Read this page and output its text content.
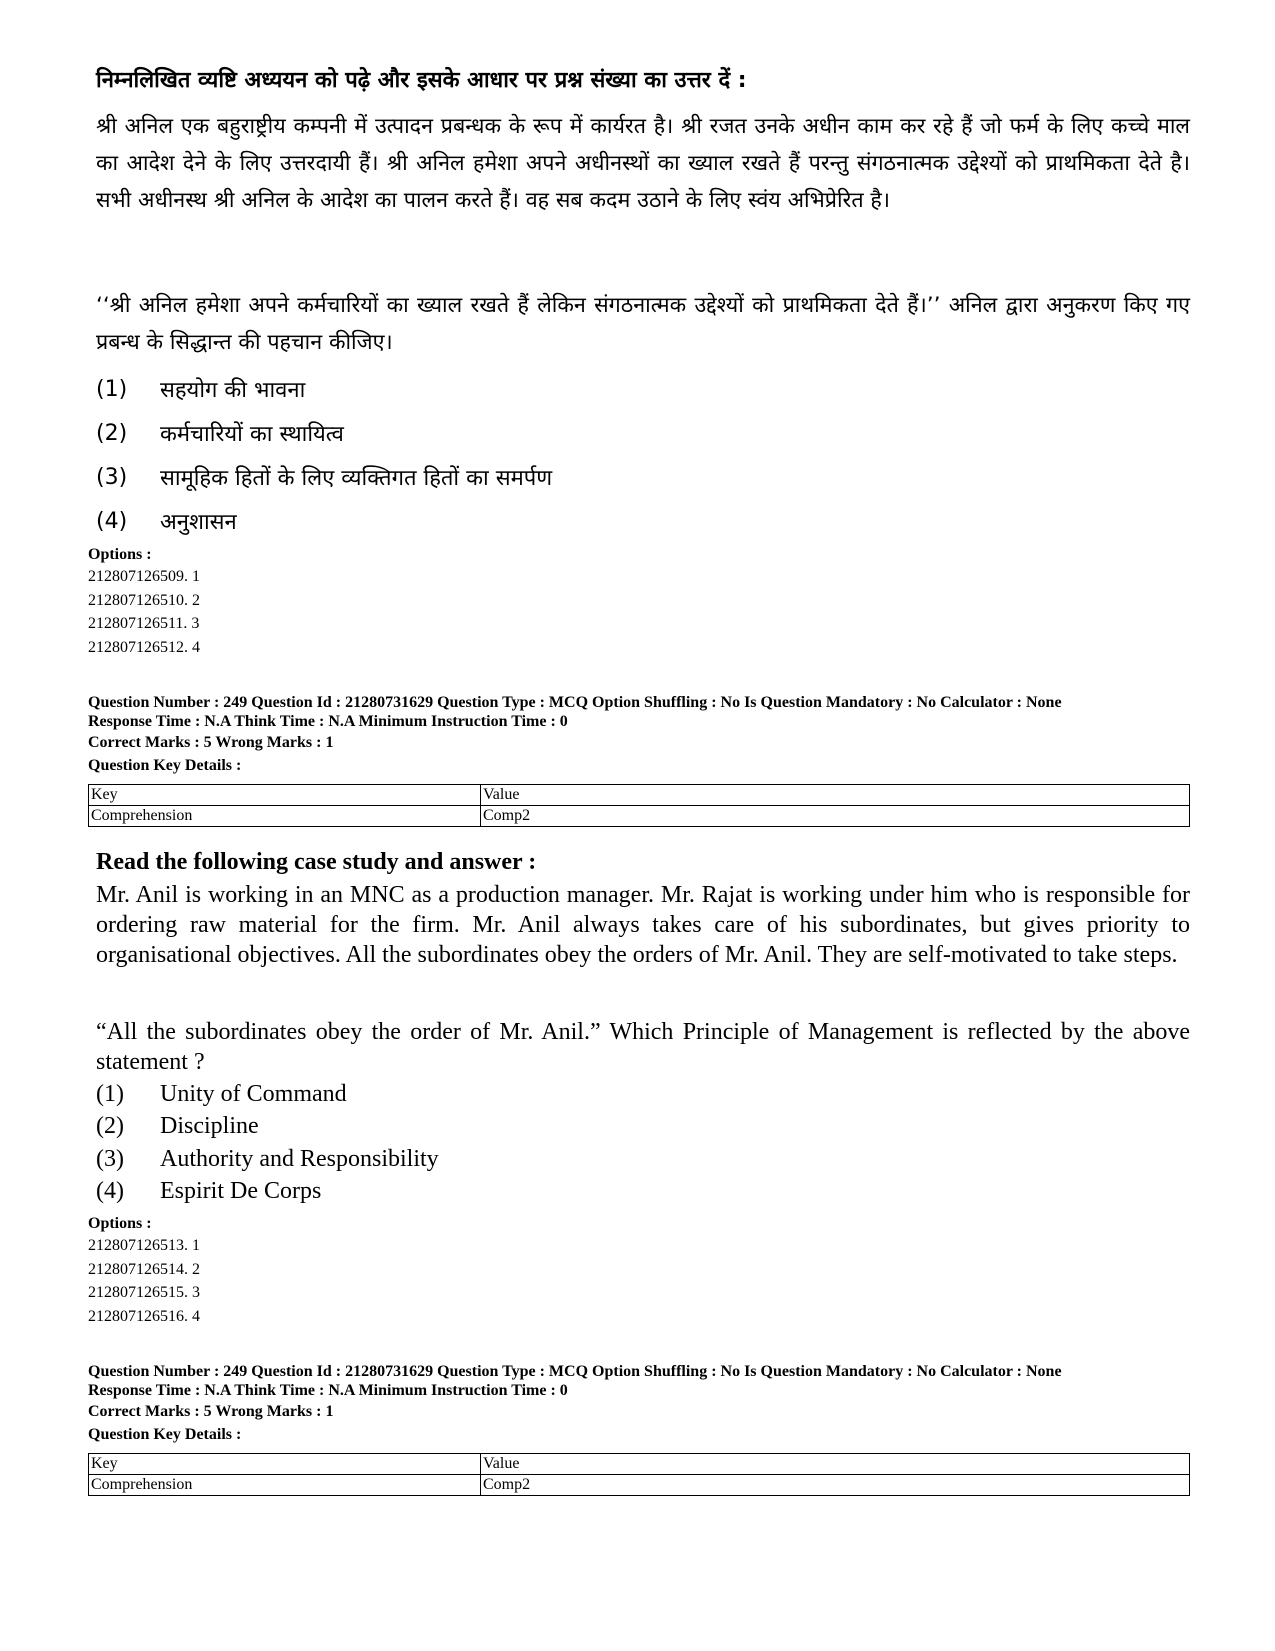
निम्नलिखित व्यष्टि अध्ययन को पढ़े और इसके आधार पर प्रश्न संख्या का उत्तर दें :
श्री अनिल एक बहुराष्ट्रीय कम्पनी में उत्पादन प्रबन्धक के रूप में कार्यरत है। श्री रजत उनके अधीन काम कर रहे हैं जो फर्म के लिए कच्चे माल का आदेश देने के लिए उत्तरदायी हैं। श्री अनिल हमेशा अपने अधीनस्थों का ख्याल रखते हैं परन्तु संगठनात्मक उद्देश्यों को प्राथमिकता देते है। सभी अधीनस्थ श्री अनिल के आदेश का पालन करते हैं। वह सब कदम उठाने के लिए स्वंय अभिप्रेरित है।
‘‘श्री अनिल हमेशा अपने कर्मचारियों का ख्याल रखते हैं लेकिन संगठनात्मक उद्देश्यों को प्राथमिकता देते हैं।’’ अनिल द्वारा अनुकरण किए गए प्रबन्ध के सिद्धान्त की पहचान कीजिए।
(1)	सहयोग की भावना
(2)	कर्मचारियों का स्थायित्व
(3)	सामूहिक हितों के लिए व्यक्तिगत हितों का समर्पण
(4)	अनुशासन
Options :
212807126509. 1
212807126510. 2
212807126511. 3
212807126512. 4
Question Number : 249 Question Id : 21280731629 Question Type : MCQ Option Shuffling : No Is Question Mandatory : No Calculator : None
Response Time : N.A Think Time : N.A Minimum Instruction Time : 0
Correct Marks : 5 Wrong Marks : 1
Question Key Details :
Key	Value
Comprehension	Comp2
Read the following case study and answer :
Mr. Anil is working in an MNC as a production manager. Mr. Rajat is working under him who is responsible for ordering raw material for the firm. Mr. Anil always takes care of his subordinates, but gives priority to organisational objectives. All the subordinates obey the orders of Mr. Anil. They are self-motivated to take steps.
“All the subordinates obey the order of Mr. Anil.” Which Principle of Management is reflected by the above statement ?
(1)	Unity of Command
(2)	Discipline
(3)	Authority and Responsibility
(4)	Espirit De Corps
Options :
212807126513. 1
212807126514. 2
212807126515. 3
212807126516. 4
Question Number : 249 Question Id : 21280731629 Question Type : MCQ Option Shuffling : No Is Question Mandatory : No Calculator : None
Response Time : N.A Think Time : N.A Minimum Instruction Time : 0
Correct Marks : 5 Wrong Marks : 1
Question Key Details :
Key	Value
Comprehension	Comp2
